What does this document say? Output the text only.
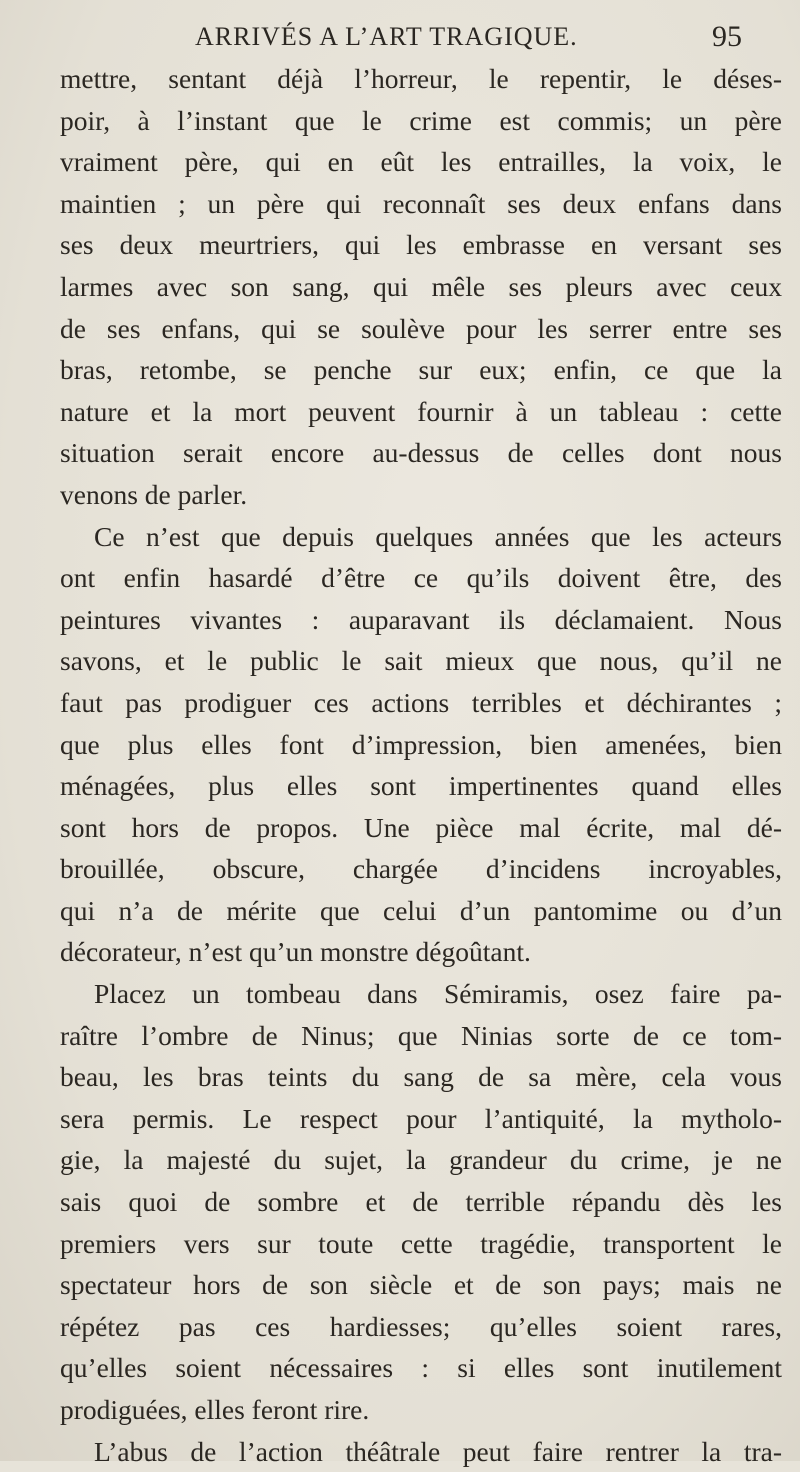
ARRIVÉS A L’ART TRAGIQUE.	95
mettre, sentant déjà l’horreur, le repentir, le déses-
poir, à l’instant que le crime est commis; un père
vraiment père, qui en eût les entrailles, la voix, le
maintien ; un père qui reconnaît ses deux enfans dans
ses deux meurtriers, qui les embrasse en versant ses
larmes avec son sang, qui mêle ses pleurs avec ceux
de ses enfans, qui se soulève pour les serrer entre ses
bras, retombe, se penche sur eux; enfin, ce que la
nature et la mort peuvent fournir à un tableau : cette
situation serait encore au-dessus de celles dont nous
venons de parler.
Ce n’est que depuis quelques années que les acteurs
ont enfin hasardé d’être ce qu’ils doivent être, des
peintures vivantes : auparavant ils déclamaient. Nous
savons, et le public le sait mieux que nous, qu’il ne
faut pas prodiguer ces actions terribles et déchirantes ;
que plus elles font d’impression, bien amenées, bien
ménagées, plus elles sont impertinentes quand elles
sont hors de propos. Une pièce mal écrite, mal dé-
brouillée, obscure, chargée d’incidens incroyables,
qui n’a de mérite que celui d’un pantomime ou d’un
décorateur, n’est qu’un monstre dégoûtant.
Placez un tombeau dans Sémiramis, osez faire pa-
raître l’ombre de Ninus; que Ninias sorte de ce tom-
beau, les bras teints du sang de sa mère, cela vous
sera permis. Le respect pour l’antiquité, la mytholo-
gie, la majesté du sujet, la grandeur du crime, je ne
sais quoi de sombre et de terrible répandu dès les
premiers vers sur toute cette tragédie, transportent le
spectateur hors de son siècle et de son pays; mais ne
répétez pas ces hardiesses; qu’elles soient rares,
qu’elles soient nécessaires : si elles sont inutilement
prodiguées, elles feront rire.
L’abus de l’action théâtrale peut faire rentrer la tra-
